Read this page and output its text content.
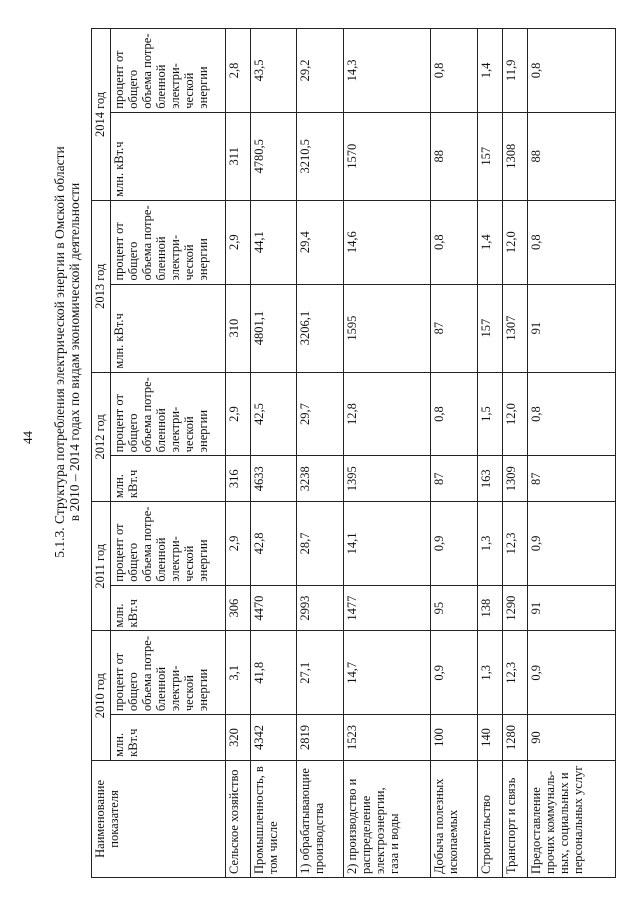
44 5.1.3. Структура потребления электрической энергии в Омской области в 2010 – 2014 годах по видам экономической деятельности
Наименование показателя	2010 год		2011 год		2012 год		2013 год		2014 год	
	млн. кВт.ч	процент от общего объема потре-бленной электри-ческой энергии	млн. кВт.ч	процент от общего объема потре-бленной электри-ческой энергии	млн. кВт.ч	процент от общего объема потре-бленной электри-ческой энергии	млн. кВт.ч	процент от общего объема потре-бленной электри-ческой энергии	млн. кВт.ч	процент от общего объема потре-бленной электри-ческой энергии
Сельское хозяйство	320	3,1	306	2,9	316	2,9	310	2,9	311	2,8
Промышленность, в том числе	4342	41,8	4470	42,8	4633	42,5	4801,1	44,1	4780,5	43,5
1) обрабатывающие производства	2819	27,1	2993	28,7	3238	29,7	3206,1	29,4	3210,5	29,2
2) производство и распределение электроэнергии, газа и воды	1523	14,7	1477	14,1	1395	12,8	1595	14,6	1570	14,3
Добыча полезных ископаемых	100	0,9	95	0,9	87	0,8	87	0,8	88	0,8
Строительство	140	1,3	138	1,3	163	1,5	157	1,4	157	1,4
Транспорт и связь	1280	12,3	1290	12,3	1309	12,0	1307	12,0	1308	11,9
Предоставление прочих коммуналь-ных, социальных и персональных услуг	90	0,9	91	0,9	87	0,8	91	0,8	88	0,8
